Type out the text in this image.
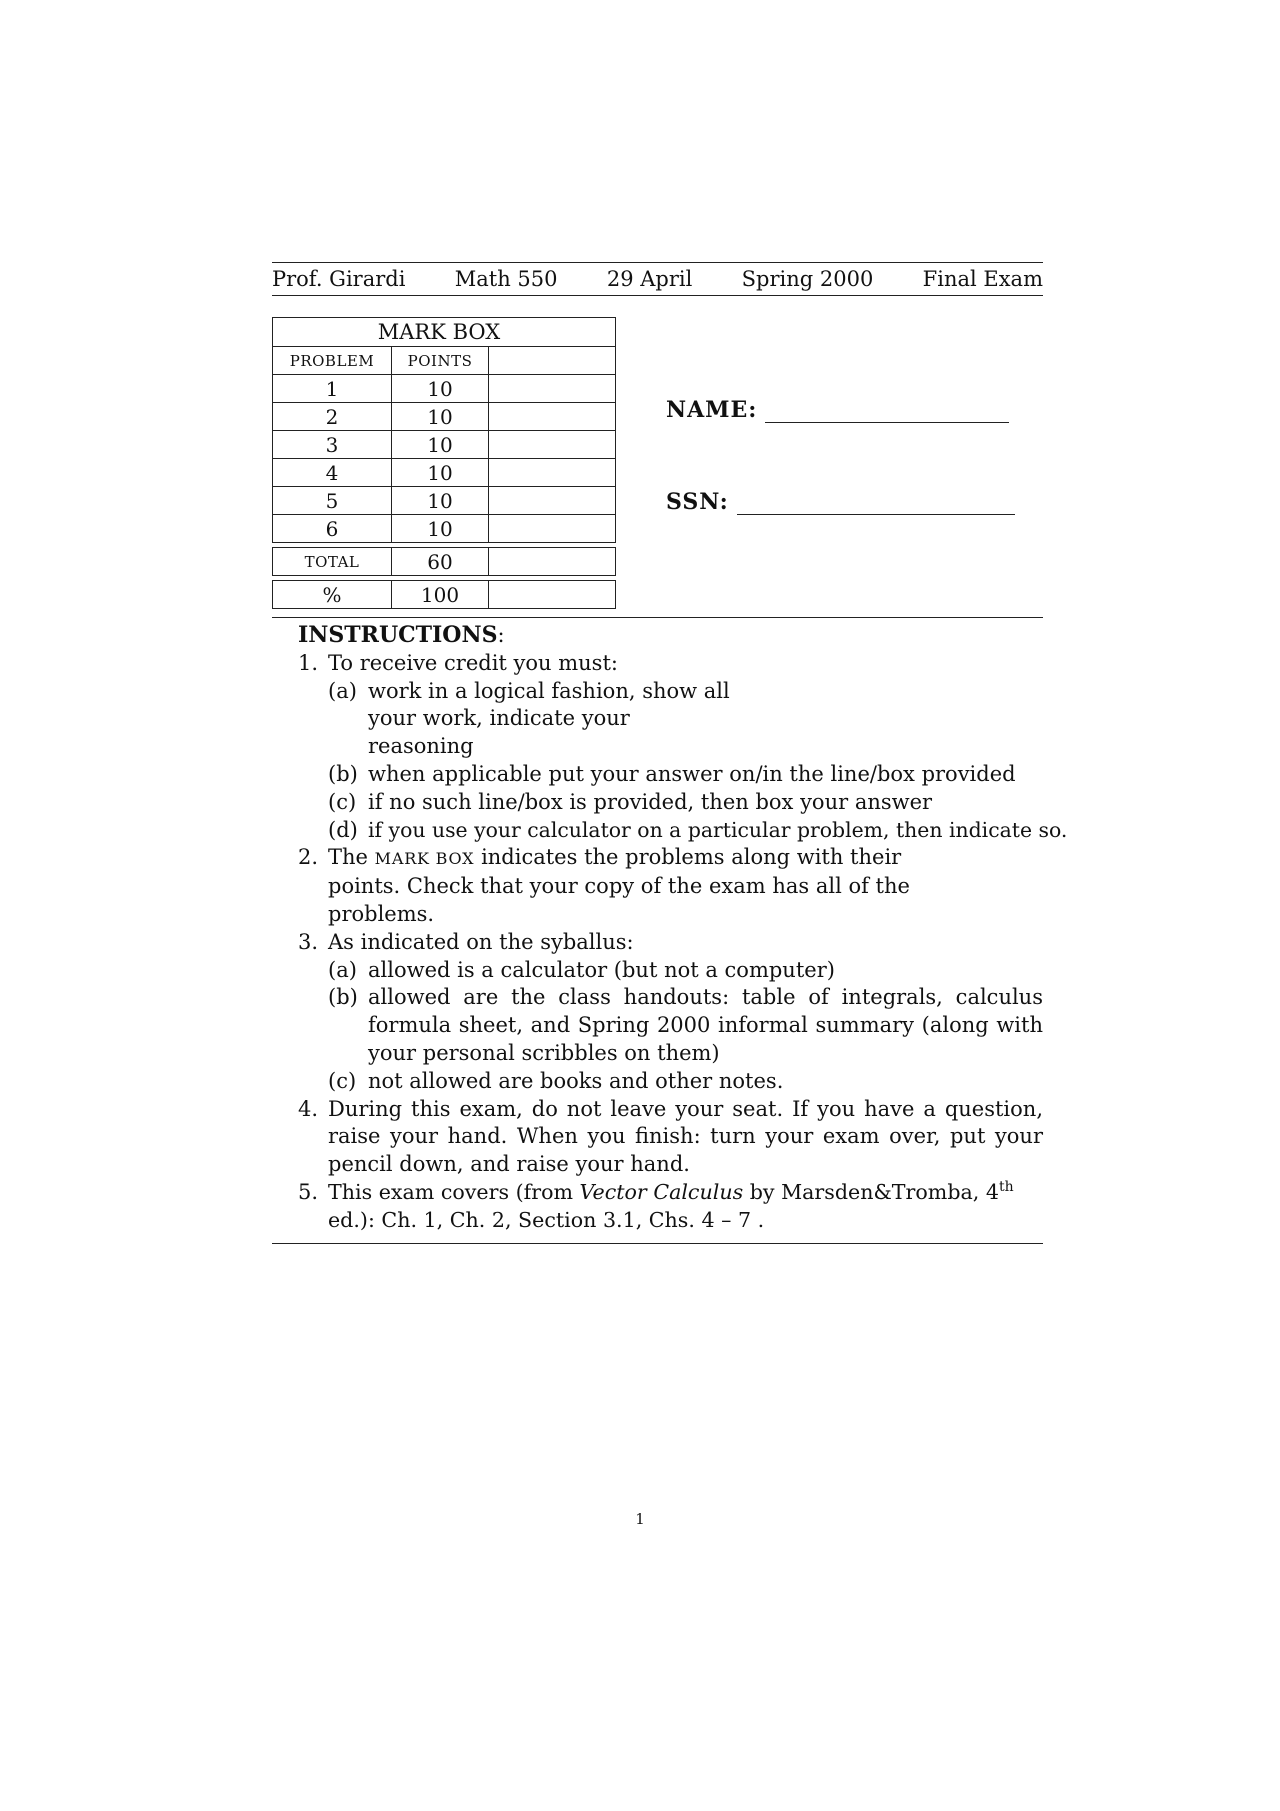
Prof. Girardi Math 550 29 April Spring 2000 Final Exam
MARK BOX
PROBLEM	POINTS
1	10
2	10
3	10
4	10
5	10
6	10
TOTAL	60
%	100
NAME:
SSN:
INSTRUCTIONS:
1. To receive credit you must:
(a) work in a logical fashion, show all your work, indicate your reasoning
(b) when applicable put your answer on/in the line/box provided
(c) if no such line/box is provided, then box your answer
(d) if you use your calculator on a particular problem, then indicate so.
2. The MARK BOX indicates the problems along with their points. Check that your copy of the exam has all of the problems.
3. As indicated on the syballus:
(a) allowed is a calculator (but not a computer)
(b) allowed are the class handouts: table of integrals, calculus formula sheet, and Spring 2000 informal summary (along with your personal scribbles on them)
(c) not allowed are books and other notes.
4. During this exam, do not leave your seat. If you have a question, raise your hand. When you finish: turn your exam over, put your pencil down, and raise your hand.
5. This exam covers (from Vector Calculus by Marsden&Tromba, 4th ed.): Ch. 1, Ch. 2, Section 3.1, Chs. 4 – 7 .
1
